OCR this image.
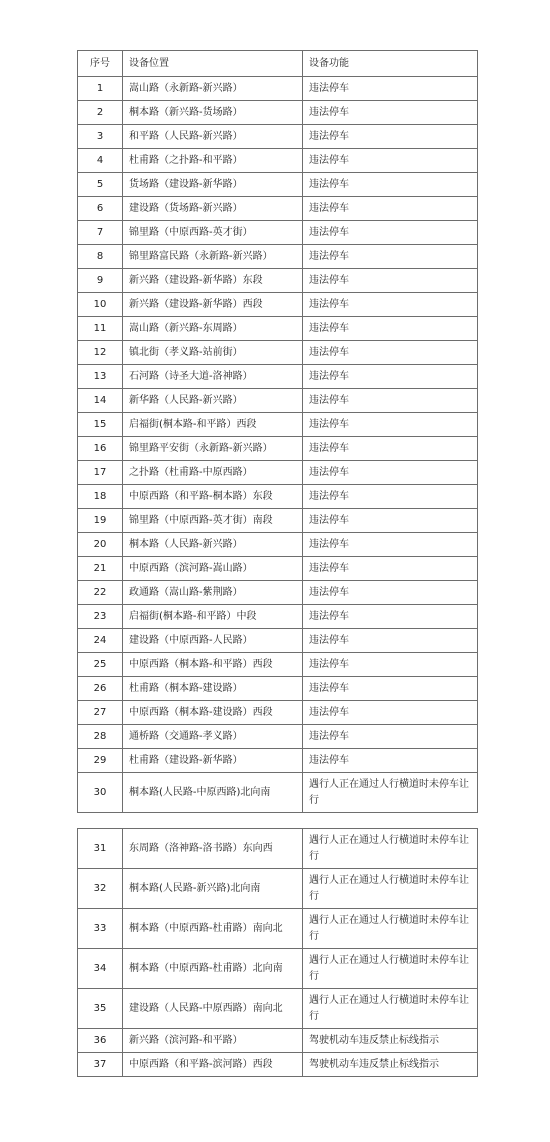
序号	设备位置	设备功能
1	嵩山路（永新路-新兴路）	违法停车
2	桐本路（新兴路-货场路）	违法停车
3	和平路（人民路-新兴路）	违法停车
4	杜甫路（之扑路-和平路）	违法停车
5	货场路（建设路-新华路）	违法停车
6	建设路（货场路-新兴路）	违法停车
7	锦里路（中原西路-英才街）	违法停车
8	锦里路富民路（永新路-新兴路）	违法停车
9	新兴路（建设路-新华路）东段	违法停车
10	新兴路（建设路-新华路）西段	违法停车
11	嵩山路（新兴路-东周路）	违法停车
12	镇北街（孝义路-站前街）	违法停车
13	石河路（诗圣大道-洛神路）	违法停车
14	新华路（人民路-新兴路）	违法停车
15	启福街(桐本路-和平路）西段	违法停车
16	锦里路平安街（永新路-新兴路）	违法停车
17	之扑路（杜甫路-中原西路）	违法停车
18	中原西路（和平路-桐本路）东段	违法停车
19	锦里路（中原西路-英才街）南段	违法停车
20	桐本路（人民路-新兴路）	违法停车
21	中原西路（滨河路-嵩山路）	违法停车
22	政通路（嵩山路-紫荆路）	违法停车
23	启福街(桐本路-和平路）中段	违法停车
24	建设路（中原西路-人民路）	违法停车
25	中原西路（桐本路-和平路）西段	违法停车
26	杜甫路（桐本路-建设路）	违法停车
27	中原西路（桐本路-建设路）西段	违法停车
28	通桥路（交通路-孝义路）	违法停车
29	杜甫路（建设路-新华路）	违法停车
30	桐本路(人民路-中原西路)北向南	遇行人正在通过人行横道时未停车让行
31	东周路（洛神路-洛书路）东向西	遇行人正在通过人行横道时未停车让行
32	桐本路(人民路-新兴路)北向南	遇行人正在通过人行横道时未停车让行
33	桐本路（中原西路-杜甫路）南向北	遇行人正在通过人行横道时未停车让行
34	桐本路（中原西路-杜甫路）北向南	遇行人正在通过人行横道时未停车让行
35	建设路（人民路-中原西路）南向北	遇行人正在通过人行横道时未停车让行
36	新兴路（滨河路-和平路）	驾驶机动车违反禁止标线指示
37	中原西路（和平路-滨河路）西段	驾驶机动车违反禁止标线指示
